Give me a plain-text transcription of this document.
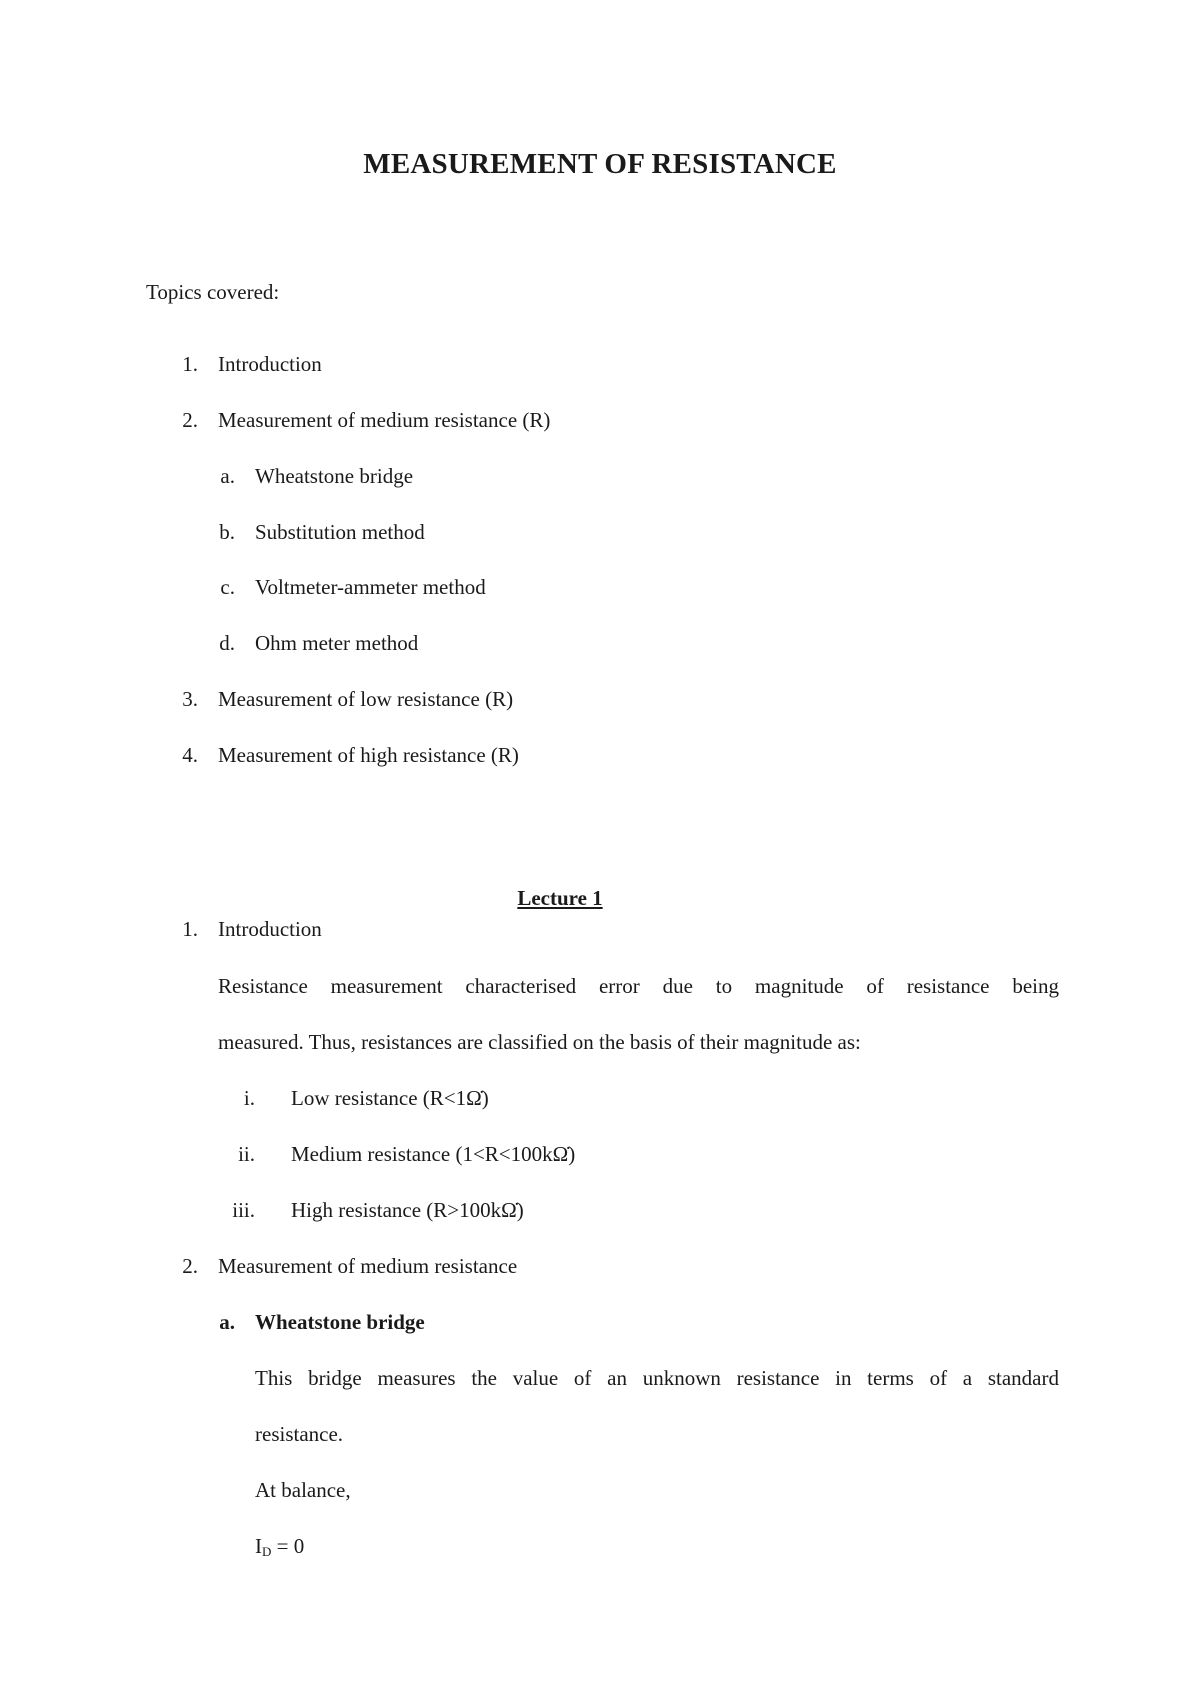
MEASUREMENT OF RESISTANCE
Topics covered:
1. Introduction
2. Measurement of medium resistance (R)
a. Wheatstone bridge
b. Substitution method
c. Voltmeter-ammeter method
d. Ohm meter method
3. Measurement of low resistance (R)
4. Measurement of high resistance (R)
Lecture 1
1. Introduction
Resistance measurement characterised error due to magnitude of resistance being
measured. Thus, resistances are classified on the basis of their magnitude as:
i. Low resistance (R<1Ω̇)
ii. Medium resistance (1<R<100kΩ̇)
iii. High resistance (R>100kΩ̇)
2. Measurement of medium resistance
a. Wheatstone bridge
This bridge measures the value of an unknown resistance in terms of a standard
resistance.
At balance,
$I_D = 0$
